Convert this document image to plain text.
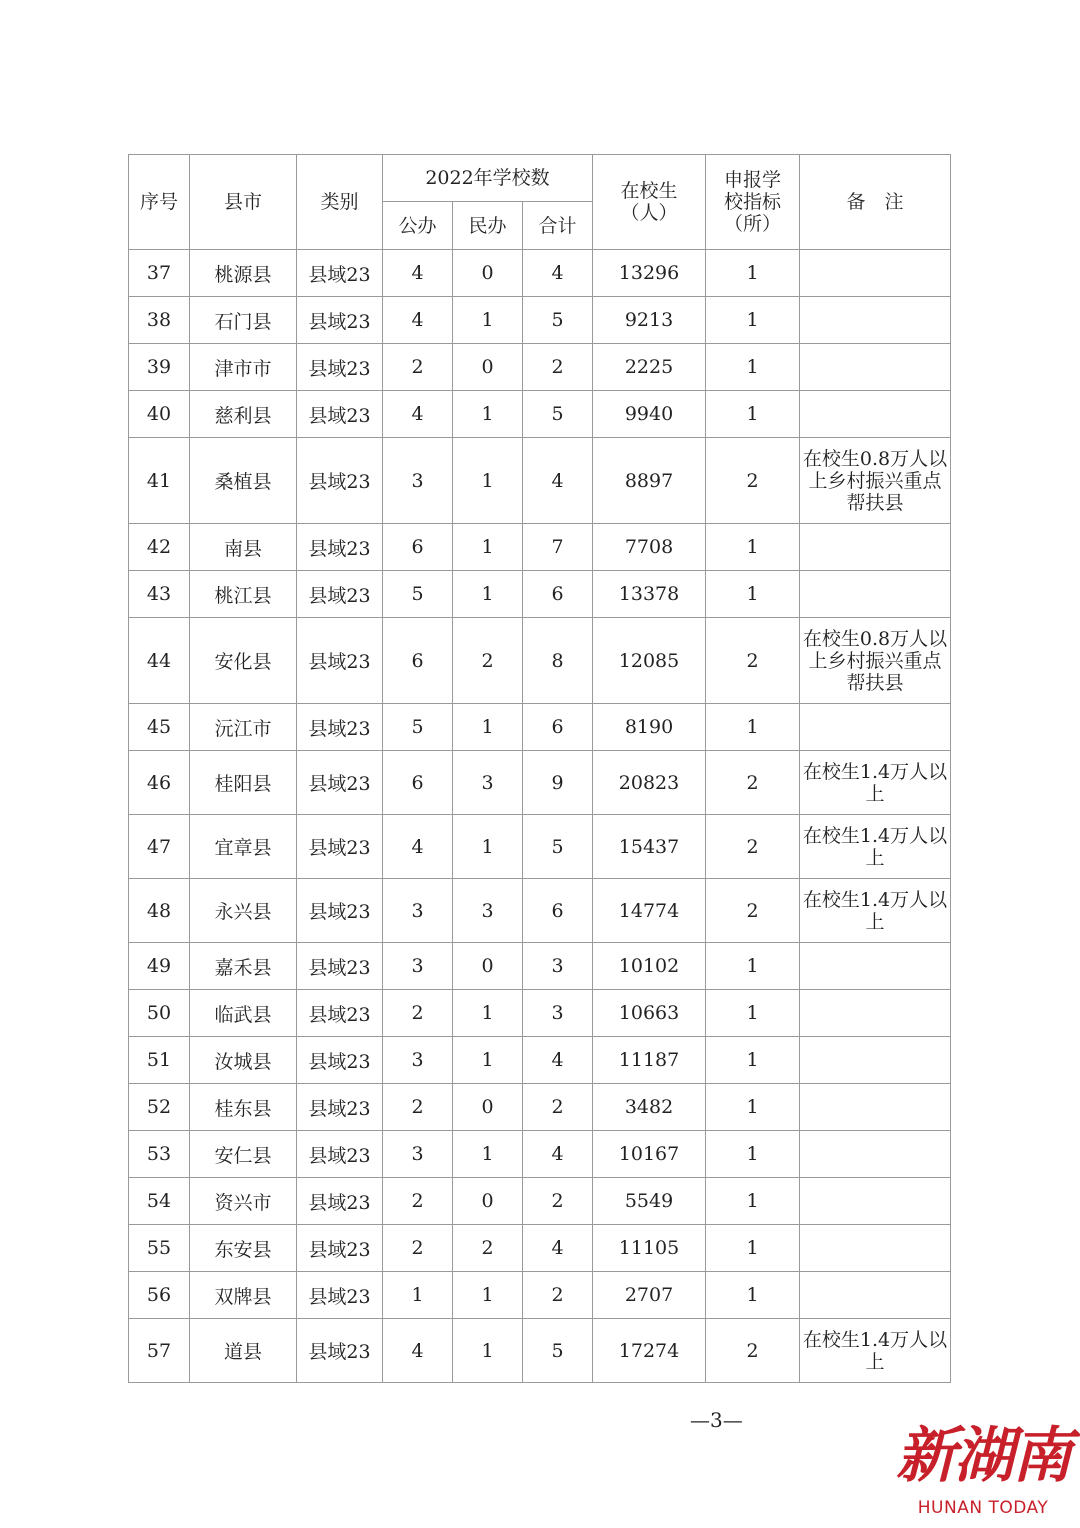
序号	县市	类别	2022年学校数			在校生（人）	申报学校指标（所）	备　注
			公办	民办	合计			
37	桃源县	县域23	4	0	4	13296	1	
38	石门县	县域23	4	1	5	9213	1	
39	津市市	县域23	2	0	2	2225	1	
40	慈利县	县域23	4	1	5	9940	1	
41	桑植县	县域23	3	1	4	8897	2	在校生0.8万人以上乡村振兴重点帮扶县
42	南县	县域23	6	1	7	7708	1	
43	桃江县	县域23	5	1	6	13378	1	
44	安化县	县域23	6	2	8	12085	2	在校生0.8万人以上乡村振兴重点帮扶县
45	沅江市	县域23	5	1	6	8190	1	
46	桂阳县	县域23	6	3	9	20823	2	在校生1.4万人以上
47	宜章县	县域23	4	1	5	15437	2	在校生1.4万人以上
48	永兴县	县域23	3	3	6	14774	2	在校生1.4万人以上
49	嘉禾县	县域23	3	0	3	10102	1	
50	临武县	县域23	2	1	3	10663	1	
51	汝城县	县域23	3	1	4	11187	1	
52	桂东县	县域23	2	0	2	3482	1	
53	安仁县	县域23	3	1	4	10167	1	
54	资兴市	县域23	2	0	2	5549	1	
55	东安县	县域23	2	2	4	11105	1	
56	双牌县	县域23	1	1	2	2707	1	
57	道县	县域23	4	1	5	17274	2	在校生1.4万人以上
—3—
新湖南
HUNAN TODAY
